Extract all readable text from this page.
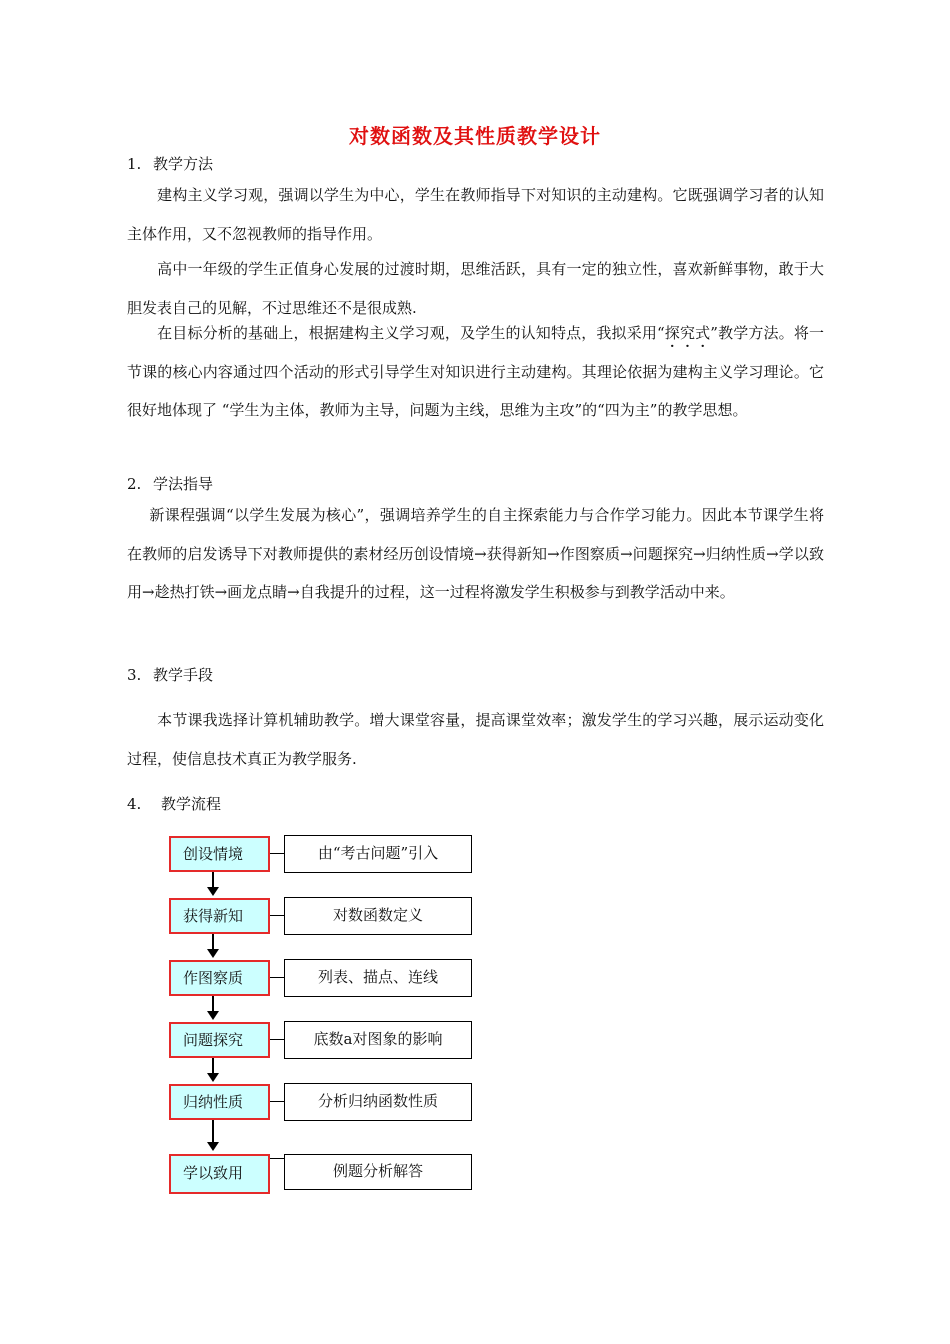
对数函数及其性质教学设计
1. 教学方法
建构主义学习观，强调以学生为中心，学生在教师指导下对知识的主动建构。它既强调学习者的认知主体作用，又不忽视教师的指导作用。
高中一年级的学生正值身心发展的过渡时期，思维活跃，具有一定的独立性，喜欢新鲜事物，敢于大胆发表自己的见解，不过思维还不是很成熟.
在目标分析的基础上，根据建构主义学习观，及学生的认知特点，我拟采用“探究式”教学方法。将一节课的核心内容通过四个活动的形式引导学生对知识进行主动建构。其理论依据为建构主义学习理论。它很好地体现了 “学生为主体，教师为主导，问题为主线，思维为主攻”的“四为主”的教学思想。
2. 学法指导
新课程强调“以学生发展为核心”，强调培养学生的自主探索能力与合作学习能力。因此本节课学生将在教师的启发诱导下对教师提供的素材经历创设情境→获得新知→作图察质→问题探究→归纳性质→学以致用→趁热打铁→画龙点睛→自我提升的过程，这一过程将激发学生积极参与到教学活动中来。
3. 教学手段
本节课我选择计算机辅助教学。增大课堂容量，提高课堂效率；激发学生的学习兴趣，展示运动变化过程，使信息技术真正为教学服务.
4. 教学流程
创设情境	由“考古问题”引入
获得新知	对数函数定义
作图察质	列表、描点、连线
问题探究	底数a对图象的影响
归纳性质	分析归纳函数性质
学以致用	例题分析解答
